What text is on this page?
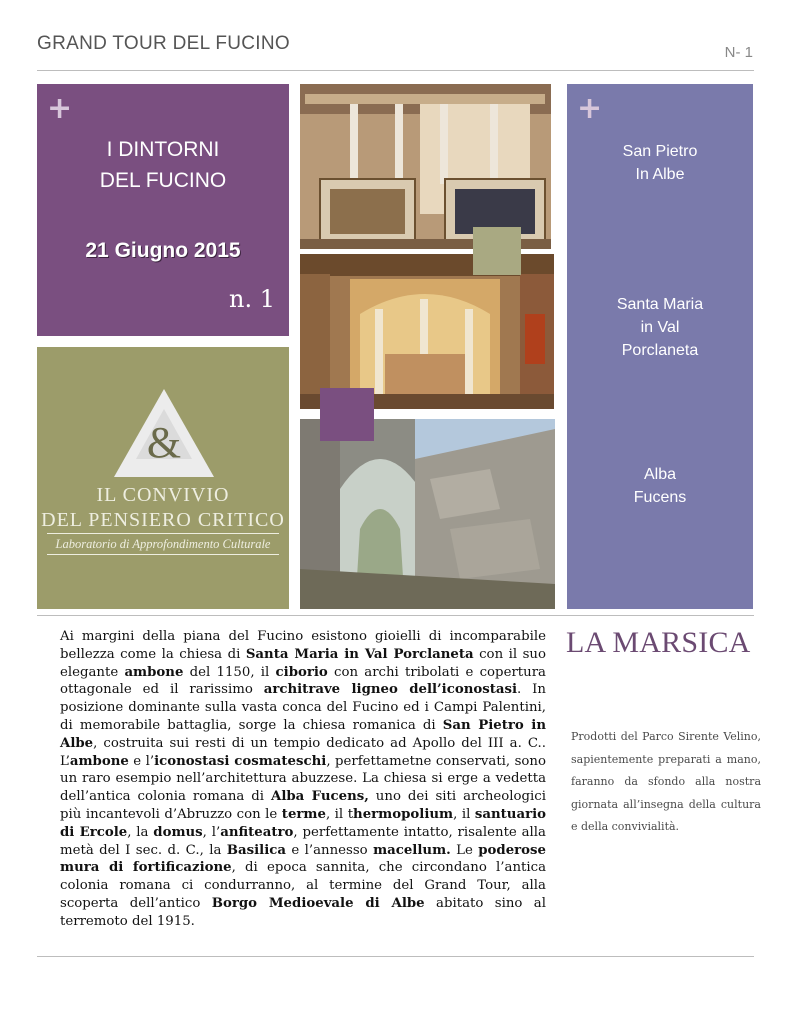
GRAND TOUR DEL FUCINO	N- 1
+
I DINTORNI
DEL FUCINO
21 Giugno 2015
n. 1
&
IL CONVIVIO
DEL PENSIERO CRITICO
Laboratorio di Approfondimento Culturale
+
San Pietro
In Albe
Santa Maria
in Val
Porclaneta
Alba
Fucens
Ai margini della piana del Fucino esistono gioielli di incomparabile bellezza come la chiesa di Santa Maria in Val Porclaneta con il suo elegante ambone del 1150, il ciborio con archi tribolati e copertura ottagonale ed il rarissimo architrave ligneo dell’iconostasi. In posizione dominante sulla vasta conca del Fucino ed i Campi Palentini, di memorabile battaglia, sorge la chiesa romanica di San Pietro in Albe, costruita sui resti di un tempio dedicato ad Apollo del III a. C.. L’ambone e l’iconostasi cosmateschi, perfettametne conservati, sono un raro esempio nell’architettura abuzzese. La chiesa si erge a vedetta dell’antica colonia romana di Alba Fucens, uno dei siti archeologici più incantevoli d’Abruzzo con le terme, il thermopolium, il santuario di Ercole, la domus, l’anfiteatro, perfettamente intatto, risalente alla metà del I sec. d. C., la Basilica e l’annesso macellum. Le poderose mura di fortificazione, di epoca sannita, che circondano l’antica colonia romana ci condurranno, al termine del Grand Tour, alla scoperta dell’antico Borgo Medioevale di Albe abitato sino al terremoto del 1915.
LA MARSICA
Prodotti del Parco Sirente Velino, sapientemente preparati a mano, faranno da sfondo alla nostra giornata all’insegna della cultura e della convivialità.
